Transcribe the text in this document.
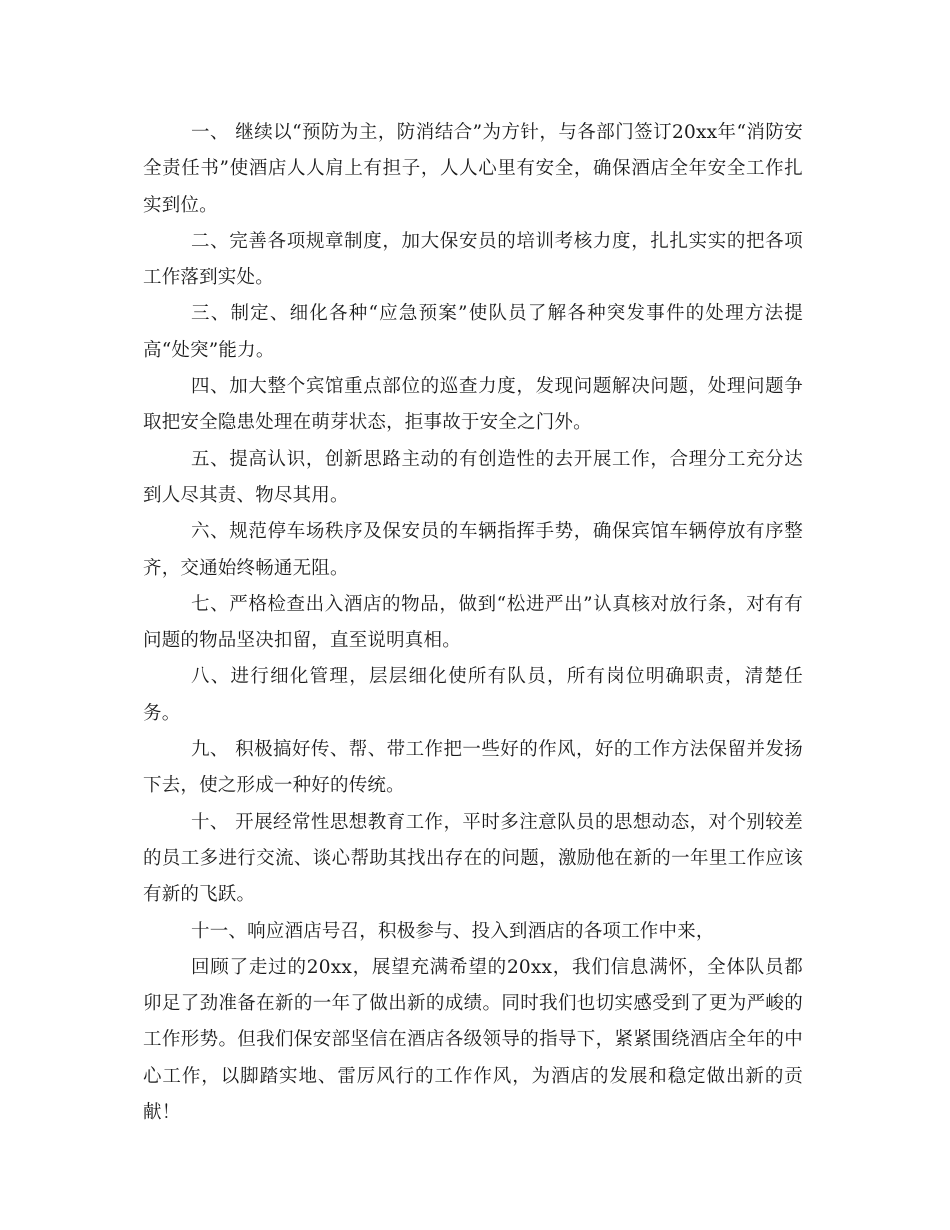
一、 继续以“预防为主，防消结合”为方针，与各部门签订20xx年“消防安全责任书”使酒店人人肩上有担子，人人心里有安全，确保酒店全年安全工作扎实到位。

二、完善各项规章制度，加大保安员的培训考核力度，扎扎实实的把各项工作落到实处。

三、制定、细化各种“应急预案”使队员了解各种突发事件的处理方法提高“处突”能力。

四、加大整个宾馆重点部位的巡查力度，发现问题解决问题，处理问题争取把安全隐患处理在萌芽状态，拒事故于安全之门外。

五、提高认识，创新思路主动的有创造性的去开展工作，合理分工充分达到人尽其责、物尽其用。

六、规范停车场秩序及保安员的车辆指挥手势，确保宾馆车辆停放有序整齐，交通始终畅通无阻。

七、严格检查出入酒店的物品，做到“松进严出”认真核对放行条，对有有问题的物品坚决扣留，直至说明真相。

八、进行细化管理，层层细化使所有队员，所有岗位明确职责，清楚任务。

九、 积极搞好传、帮、带工作把一些好的作风，好的工作方法保留并发扬下去，使之形成一种好的传统。

十、 开展经常性思想教育工作，平时多注意队员的思想动态，对个别较差的员工多进行交流、谈心帮助其找出存在的问题，激励他在新的一年里工作应该有新的飞跃。

十一、响应酒店号召，积极参与、投入到酒店的各项工作中来，

回顾了走过的20xx，展望充满希望的20xx，我们信息满怀，全体队员都卯足了劲准备在新的一年了做出新的成绩。同时我们也切实感受到了更为严峻的工作形势。但我们保安部坚信在酒店各级领导的指导下，紧紧围绕酒店全年的中心工作，以脚踏实地、雷厉风行的工作作风，为酒店的发展和稳定做出新的贡献！
